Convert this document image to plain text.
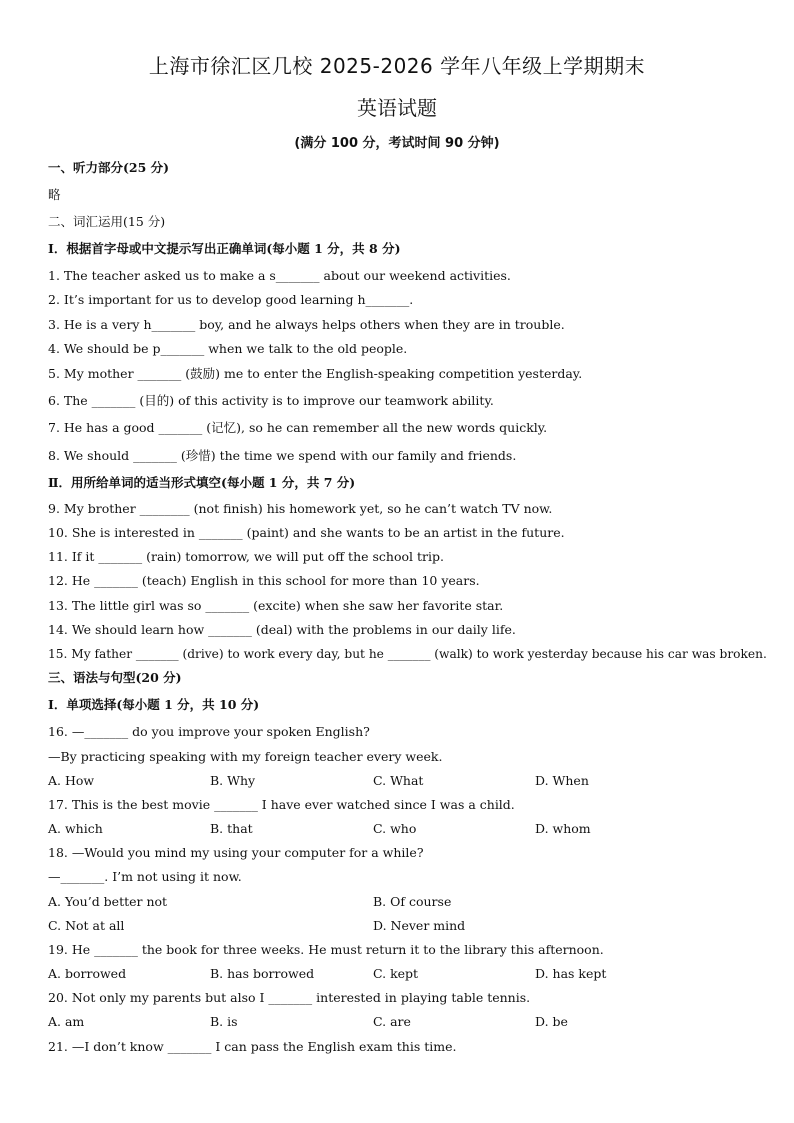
上海市徐汇区几校 2025-2026 学年八年级上学期期末
英语试题
(满分 100 分，考试时间 90 分钟)
一、听力部分(25 分)
略
二、词汇运用(15 分)
Ⅰ．根据首字母或中文提示写出正确单词(每小题 1 分，共 8 分)
1. The teacher asked us to make a s_______ about our weekend activities.
2. It’s important for us to develop good learning h_______.
3. He is a very h_______ boy, and he always helps others when they are in trouble.
4. We should be p_______ when we talk to the old people.
5. My mother _______ (鼓励) me to enter the English-speaking competition yesterday.
6. The _______ (目的) of this activity is to improve our teamwork ability.
7. He has a good _______ (记忆), so he can remember all the new words quickly.
8. We should _______ (珍惜) the time we spend with our family and friends.
Ⅱ．用所给单词的适当形式填空(每小题 1 分，共 7 分)
9. My brother ________ (not finish) his homework yet, so he can’t watch TV now.
10. She is interested in _______ (paint) and she wants to be an artist in the future.
11. If it _______ (rain) tomorrow, we will put off the school trip.
12. He _______ (teach) English in this school for more than 10 years.
13. The little girl was so _______ (excite) when she saw her favorite star.
14. We should learn how _______ (deal) with the problems in our daily life.
15. My father _______ (drive) to work every day, but he _______ (walk) to work yesterday because his car was broken.
三、语法与句型(20 分)
Ⅰ．单项选择(每小题 1 分，共 10 分)
16. —_______ do you improve your spoken English?
—By practicing speaking with my foreign teacher every week.
A. How	B. Why	C. What	D. When
17. This is the best movie _______ I have ever watched since I was a child.
A. which	B. that	C. who	D. whom
18. —Would you mind my using your computer for a while?
—_______. I’m not using it now.
A. You’d better not	B. Of course
C. Not at all	D. Never mind
19. He _______ the book for three weeks. He must return it to the library this afternoon.
A. borrowed	B. has borrowed	C. kept	D. has kept
20. Not only my parents but also I _______ interested in playing table tennis.
A. am	B. is	C. are	D. be
21. —I don’t know _______ I can pass the English exam this time.
